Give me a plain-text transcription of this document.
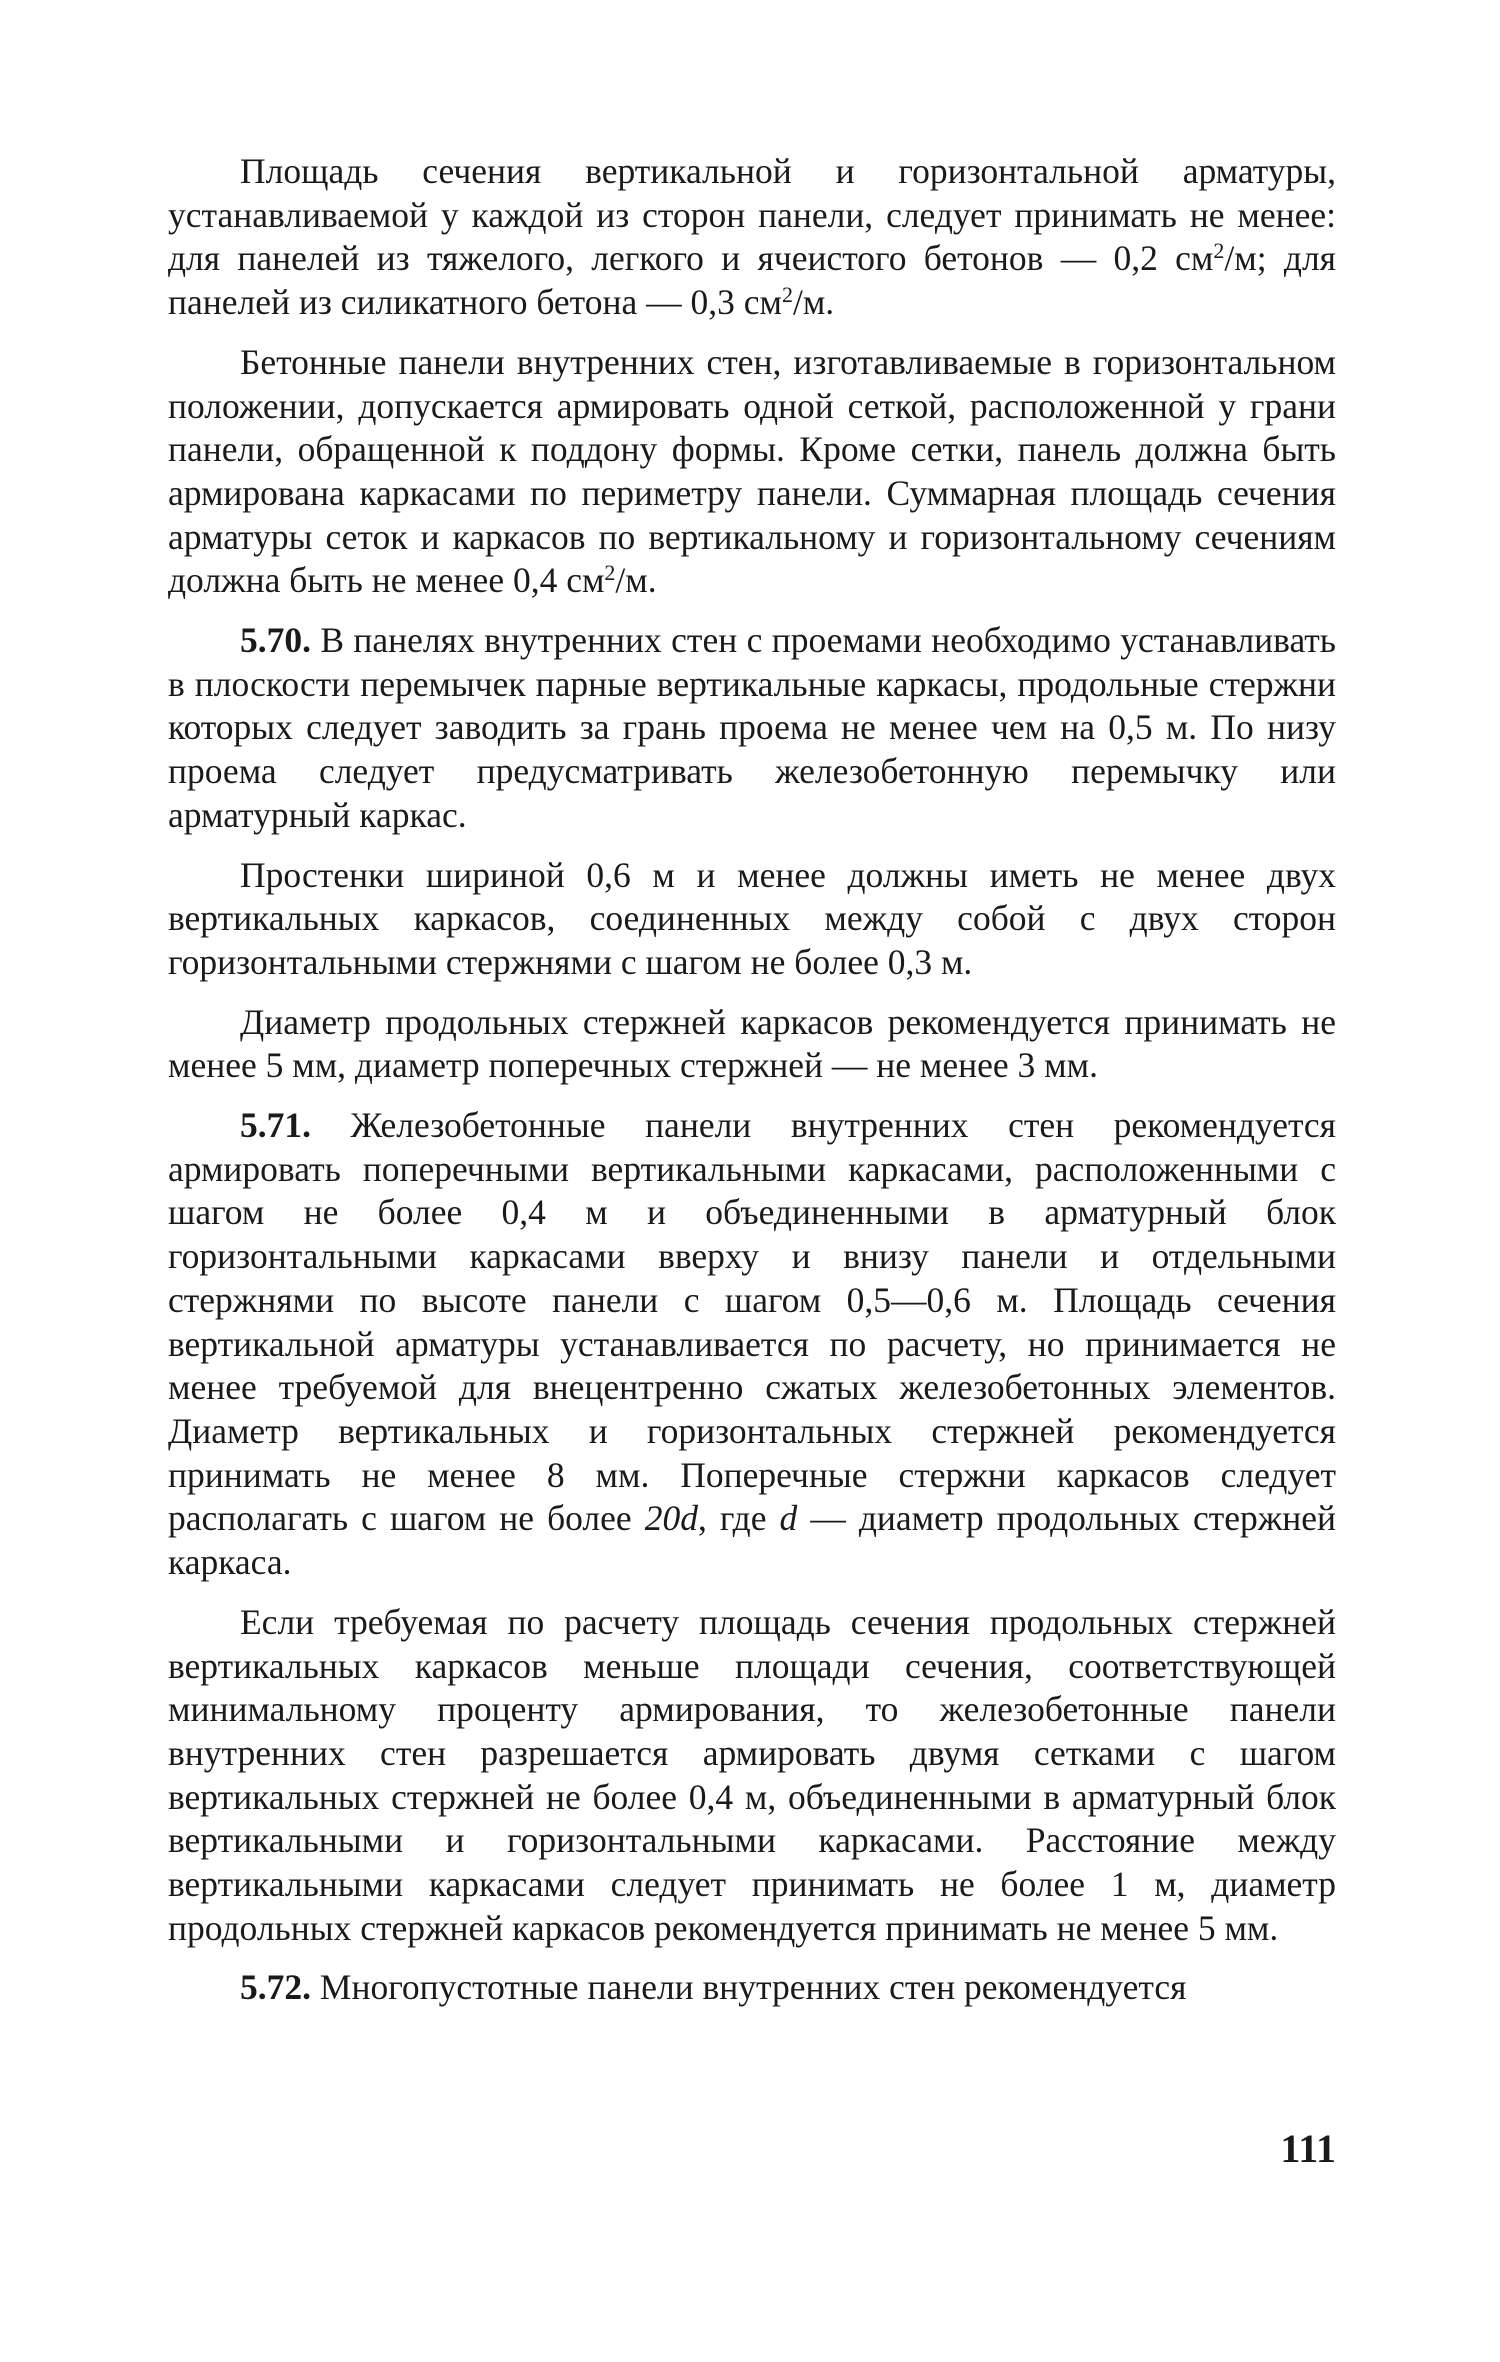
Площадь сечения вертикальной и горизонтальной арматуры, устанавливаемой у каждой из сторон панели, следует принимать не менее: для панелей из тяжелого, легкого и ячеистого бетонов — 0,2 $см^2/м$; для панелей из силикатного бетона — 0,3 $см^2/м$.

Бетонные панели внутренних стен, изготавливаемые в горизонтальном положении, допускается армировать одной сеткой, расположенной у грани панели, обращенной к поддону формы. Кроме сетки, панель должна быть армирована каркасами по периметру панели. Суммарная площадь сечения арматуры сеток и каркасов по вертикальному и горизонтальному сечениям должна быть не менее 0,4 $см^2/м$.

5.70. В панелях внутренних стен с проемами необходимо устанавливать в плоскости перемычек парные вертикальные каркасы, продольные стержни которых следует заводить за грань проема не менее чем на 0,5 м. По низу проема следует предусматривать железобетонную перемычку или арматурный каркас.

Простенки шириной 0,6 м и менее должны иметь не менее двух вертикальных каркасов, соединенных между собой с двух сторон горизонтальными стержнями с шагом не более 0,3 м.

Диаметр продольных стержней каркасов рекомендуется принимать не менее 5 мм, диаметр поперечных стержней — не менее 3 мм.

5.71. Железобетонные панели внутренних стен рекомендуется армировать поперечными вертикальными каркасами, расположенными с шагом не более 0,4 м и объединенными в арматурный блок горизонтальными каркасами вверху и внизу панели и отдельными стержнями по высоте панели с шагом 0,5—0,6 м. Площадь сечения вертикальной арматуры устанавливается по расчету, но принимается не менее требуемой для внецентренно сжатых железобетонных элементов. Диаметр вертикальных и горизонтальных стержней рекомендуется принимать не менее 8 мм. Поперечные стержни каркасов следует располагать с шагом не более 20d, где d — диаметр продольных стержней каркаса.

Если требуемая по расчету площадь сечения продольных стержней вертикальных каркасов меньше площади сечения, соответствующей минимальному проценту армирования, то железобетонные панели внутренних стен разрешается армировать двумя сетками с шагом вертикальных стержней не более 0,4 м, объединенными в арматурный блок вертикальными и горизонтальными каркасами. Расстояние между вертикальными каркасами следует принимать не более 1 м, диаметр продольных стержней каркасов рекомендуется принимать не менее 5 мм.

5.72. Многопустотные панели внутренних стен рекомендуется

111
